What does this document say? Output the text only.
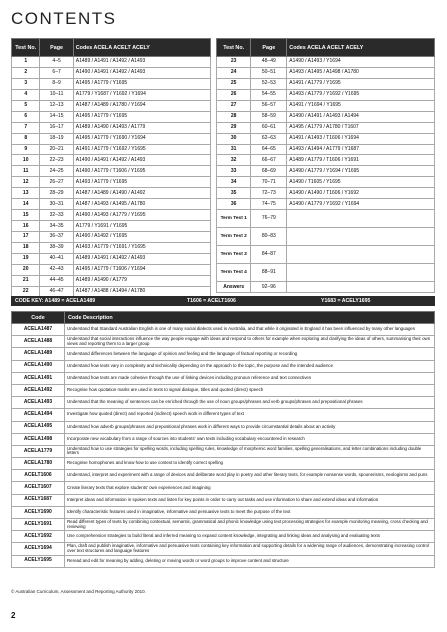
CONTENTS
Test No.	Page	Codes ACELA ACELT ACELY
1	4–5	A1489 / A1491 / A1492 / A1493
2	6–7	A1490 / A1491 / A1492 / A1493
3	8–9	A1495 / A1779 / Y1695
4	10–11	A1779 / Y1687 / Y1692 / Y1694
5	12–13	A1487 / A1489 / A1780 / Y1694
6	14–15	A1495 / A1779 / Y1695
7	16–17	A1489 / A1490 / A1493 / A1779
8	18–19	A1495 / A1779 / Y1690 / Y1694
9	20–21	A1491 / A1779 / Y1692 / Y1695
10	22–23	A1490 / A1491 / A1492 / A1493
11	24–25	A1490 / A1779 / T1606 / Y1695
12	26–27	A1493 / A1779 / Y1695
13	28–29	A1487 / A1489 / A1490 / A1492
14	30–31	A1487 / A1493 / A1495 / A1780
15	32–33	A1490 / A1493 / A1779 / Y1695
16	34–35	A1779 / Y1691 / Y1695
17	36–37	A1490 / A1492 / Y1695
18	38–39	A1493 / A1779 / Y1691 / Y1695
19	40–41	A1489 / A1491 / A1492 / A1493
20	42–43	A1495 / A1779 / T1606 / Y1694
21	44–45	A1489 / A1490 / A1779
22	46–47	A1487 / A1488 / A1494 / A1780
Test No.	Page	Codes ACELA ACELT ACELY
23	48–49	A1490 / A1493 / Y1694
24	50–51	A1493 / A1495 / A1498 / A1780
25	52–53	A1491 / A1779 / Y1695
26	54–55	A1493 / A1779 / Y1692 / Y1695
27	56–57	A1491 / Y1694 / Y1695
28	58–59	A1490 / A1491 / A1493 / A1494
29	60–61	A1495 / A1779 / A1780 / T1607
30	62–63	A1491 / A1493 / T1606 / Y1694
31	64–65	A1493 / A1494 / A1779 / Y1687
32	66–67	A1489 / A1779 / T1606 / Y1691
33	68–69	A1490 / A1779 / Y1694 / Y1695
34	70–71	A1490 / T1605 / Y1695
35	72–73	A1490 / A1490 / T1606 / Y1692
36	74–75	A1490 / A1779 / Y1692 / Y1694
Term Test 1	76–79	
Term Test 2	80–83	
Term Test 3	84–87	
Term Test 4	88–91	
Answers	92–96	
CODE KEY: A1489 = ACELA1489	T1606 = ACELT1606	Y1683 = ACELY1695
Code	Code Description
ACELA1487	Understand that Standard Australian English is one of many social dialects used in Australia, and that while it originated in England it has been influenced by many other languages
ACELA1488	Understand that social interactions influence the way people engage with ideas and respond to others for example when exploring and clarifying the ideas of others, summarising their own views and reporting them to a larger group
ACELA1489	Understand differences between the language of opinion and feeling and the language of factual reporting or recording
ACELA1490	Understand how texts vary in complexity and technicality depending on the approach to the topic, the purpose and the intended audience
ACELA1491	Understand how texts are made cohesive through the use of linking devices including pronoun reference and text connectives
ACELA1492	Recognise how quotation marks are used in texts to signal dialogue, titles and quoted (direct) speech
ACELA1493	Understand that the meaning of sentences can be enriched through the use of noun groups/phrases and verb groups/phrases and prepositional phrases
ACELA1494	Investigate how quoted (direct) and reported (indirect) speech work in different types of text
ACELA1495	Understand how adverb groups/phrases and prepositional phrases work in different ways to provide circumstantial details about an activity
ACELA1498	Incorporate new vocabulary from a range of sources into students' own texts including vocabulary encountered in research
ACELA1779	Understand how to use strategies for spelling words, including spelling rules, knowledge of morphemic word families, spelling generalisations, and letter combinations including double letters
ACELA1780	Recognise homophones and know how to use context to identify correct spelling
ACELT1606	Understand, interpret and experiment with a range of devices and deliberate word play in poetry and other literary texts, for example nonsense words, spoonerisms, neologisms and puns
ACELT1607	Create literary texts that explore students' own experiences and imagining
ACELY1687	Interpret ideas and information in spoken texts and listen for key points in order to carry out tasks and use information to share and extend ideas and information
ACELY1690	Identify characteristic features used in imaginative, informative and persuasive texts to meet the purpose of the text
ACELY1691	Read different types of texts by combining contextual, semantic, grammatical and phonic knowledge using text processing strategies for example monitoring meaning, cross checking and reviewing
ACELY1692	Use comprehension strategies to build literal and inferred meaning to expand content knowledge, integrating and linking ideas and analysing and evaluating texts
ACELY1694	Plan, draft and publish imaginative, informative and persuasive texts containing key information and supporting details for a widening range of audiences, demonstrating increasing control over text structures and language features
ACELY1695	Reread and edit for meaning by adding, deleting or moving words or word groups to improve content and structure
© Australian Curriculum, Assessment and Reporting Authority 2010.
2
